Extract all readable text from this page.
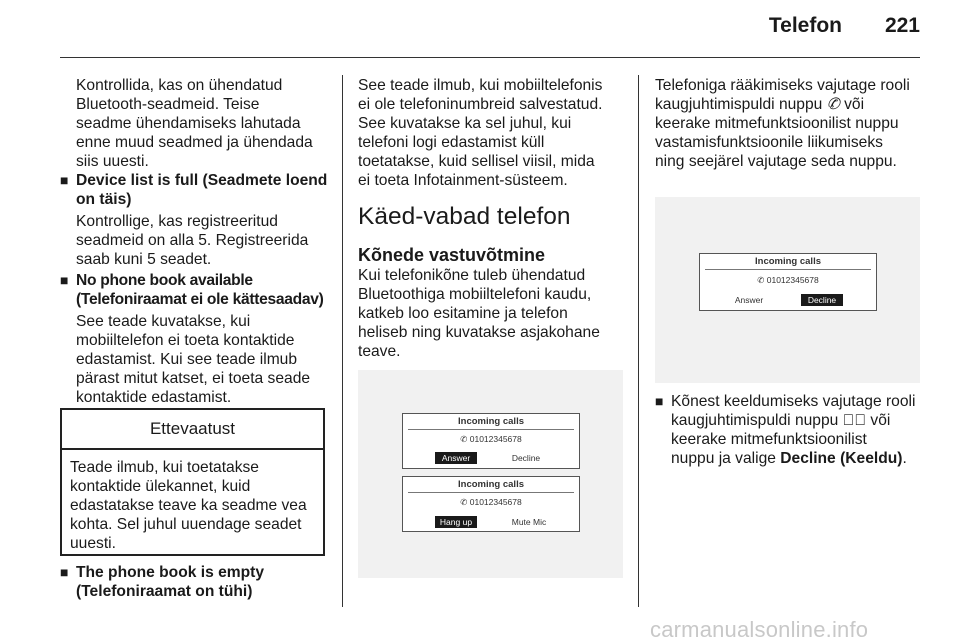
Telefon 221
Kontrollida, kas on ühendatud
Bluetooth-seadmeid. Teise
seadme ühendamiseks lahutada
enne muud seadmed ja ühendada
siis uuesti.
■ Device list is full (Seadmete loend
on täis)
Kontrollige, kas registreeritud
seadmeid on alla 5. Registreerida
saab kuni 5 seadet.
■ No phone book available
(Telefoniraamat ei ole kättesaadav)
See teade kuvatakse, kui
mobiiltelefon ei toeta kontaktide
edastamist. Kui see teade ilmub
pärast mitut katset, ei toeta seade
kontaktide edastamist.
Ettevaatust
Teade ilmub, kui toetatakse
kontaktide ülekannet, kuid
edastatakse teave ka seadme vea
kohta. Sel juhul uuendage seadet
uuesti.
■ The phone book is empty
(Telefoniraamat on tühi)
See teade ilmub, kui mobiiltelefonis
ei ole telefoninumbreid salvestatud.
See kuvatakse ka sel juhul, kui
telefoni logi edastamist küll
toetatakse, kuid sellisel viisil, mida
ei toeta Infotainment-süsteem.
Käed-vabad telefon
Kõnede vastuvõtmine
Kui telefonikõne tuleb ühendatud
Bluetoothiga mobiiltelefoni kaudu,
katkeb loo esitamine ja telefon
heliseb ning kuvatakse asjakohane
teave.
Incoming calls
✆ 01012345678
Answer	Decline
Incoming calls
✆ 01012345678
Hang up	Mute Mic
Telefoniga rääkimiseks vajutage rooli
kaugjuhtimispuldi nuppu ✆ või
keerake mitmefunktsioonilist nuppu
vastamisfunktsioonile liikumiseks
ning seejärel vajutage seda nuppu.
Incoming calls
✆ 01012345678
Answer	Decline
■ Kõnest keeldumiseks vajutage rooli
kaugjuhtimispuldi nuppu ✆⃠ või
keerake mitmefunktsioonilist
nuppu ja valige Decline (Keeldu).
carmanualsonline.info
